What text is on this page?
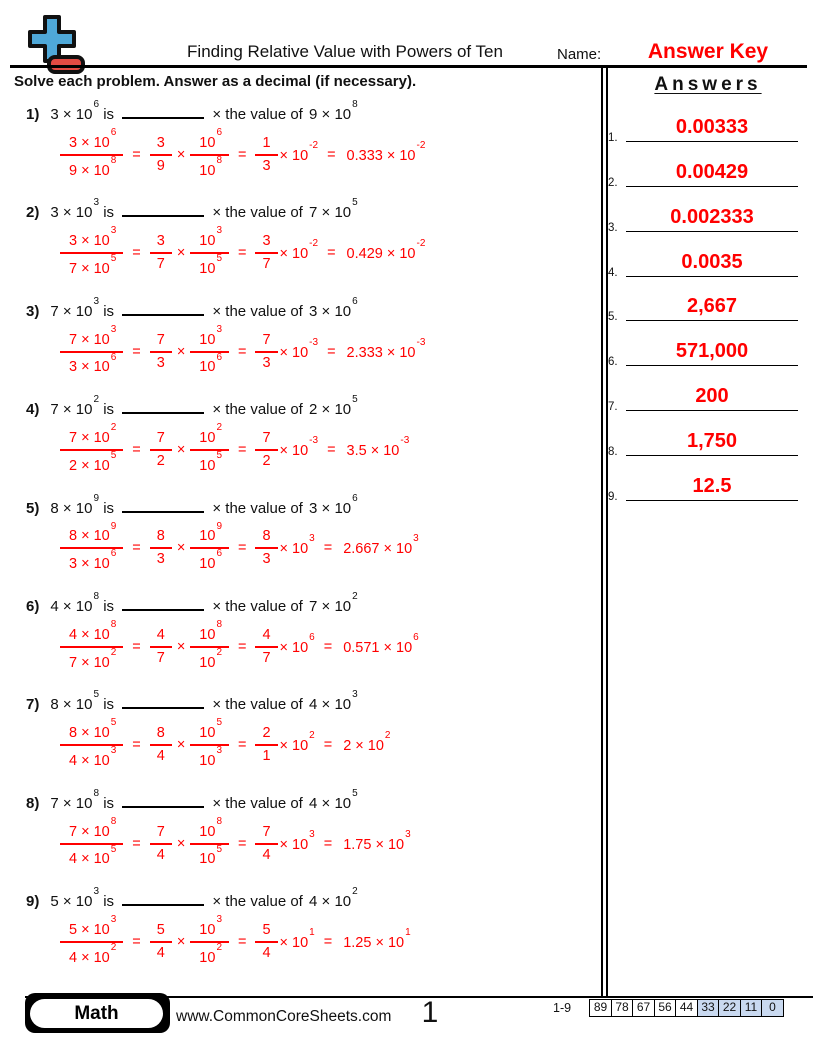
Finding Relative Value with Powers of Ten	Name:	Answer Key
Solve each problem. Answer as a decimal (if necessary).
1) $3 \times 10^6$ is	× the value of $9 \times 10^8$
$\frac{3 \times 10^6}{9 \times 10^8} = \frac{3}{9} \times \frac{10^6}{10^8} = \frac{1}{3} \times 10^{-2}$
= $0.333 \times 10^{-2}$
2) $3 \times 10^3$ is	× the value of $7 \times 10^5$
$\frac{3 \times 10^3}{7 \times 10^5} = \frac{3}{7} \times \frac{10^3}{10^5} = \frac{3}{7} \times 10^{-2}$
= $0.429 \times 10^{-2}$
3) $7 \times 10^3$ is	× the value of $3 \times 10^6$
$\frac{7 \times 10^3}{3 \times 10^6} = \frac{7}{3} \times \frac{10^3}{10^6} = \frac{7}{3} \times 10^{-3}$
= $2.333 \times 10^{-3}$
4) $7 \times 10^2$ is	× the value of $2 \times 10^5$
$\frac{7 \times 10^2}{2 \times 10^5} = \frac{7}{2} \times \frac{10^2}{10^5} = \frac{7}{2} \times 10^{-3}$
= $3.5 \times 10^{-3}$
5) $8 \times 10^9$ is	× the value of $3 \times 10^6$
$\frac{8 \times 10^9}{3 \times 10^6} = \frac{8}{3} \times \frac{10^9}{10^6} = \frac{8}{3} \times 10^3$
= $2.667 \times 10^3$
6) $4 \times 10^8$ is	× the value of $7 \times 10^2$
$\frac{4 \times 10^8}{7 \times 10^2} = \frac{4}{7} \times \frac{10^8}{10^2} = \frac{4}{7} \times 10^6$
= $0.571 \times 10^6$
7) $8 \times 10^5$ is	× the value of $4 \times 10^3$
$\frac{8 \times 10^5}{4 \times 10^3} = \frac{8}{4} \times \frac{10^5}{10^3} = \frac{2}{1} \times 10^2$
= $2 \times 10^2$
8) $7 \times 10^8$ is	× the value of $4 \times 10^5$
$\frac{7 \times 10^8}{4 \times 10^5} = \frac{7}{4} \times \frac{10^8}{10^5} = \frac{7}{4} \times 10^3$
= $1.75 \times 10^3$
9) $5 \times 10^3$ is	× the value of $4 \times 10^2$
$\frac{5 \times 10^3}{4 \times 10^2} = \frac{5}{4} \times \frac{10^3}{10^2} = \frac{5}{4} \times 10^1$
= $1.25 \times 10^1$
Answers
1.	0.00333
2.	0.00429
3.	0.002333
4.	0.0035
5.	2,667
6.	571,000
7.	200
8.	1,750
9.	12.5
Math	www.CommonCoreSheets.com	1	1-9	89 78 67 56 44 33 22 11 0
